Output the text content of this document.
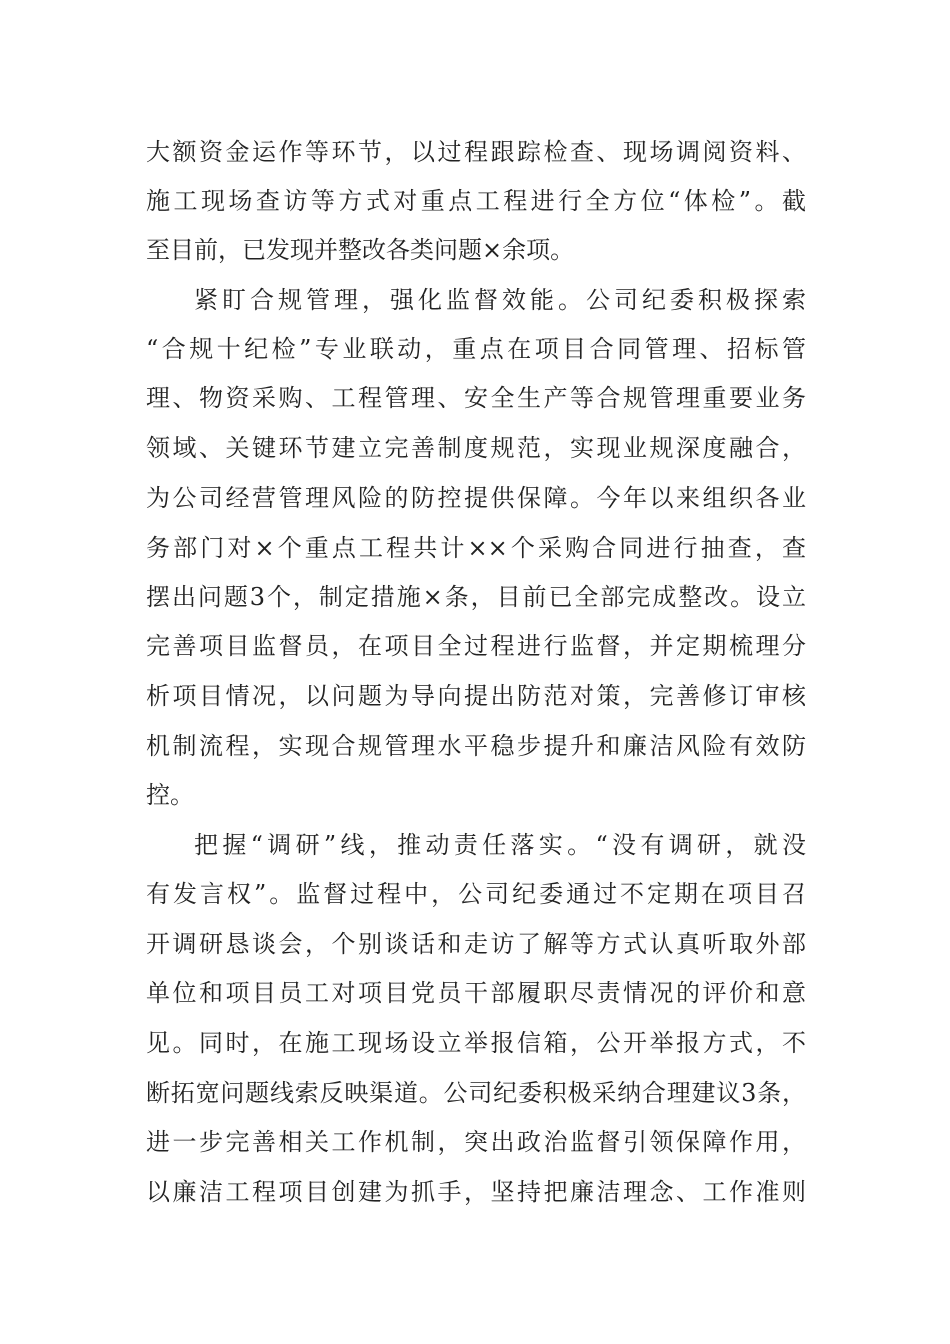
大额资金运作等环节，以过程跟踪检查、现场调阅资料、
施工现场查访等方式对重点工程进行全方位“体检”。截
至目前，已发现并整改各类问题×余项。
紧盯合规管理，强化监督效能。公司纪委积极探索
“合规十纪检”专业联动，重点在项目合同管理、招标管
理、物资采购、工程管理、安全生产等合规管理重要业务
领域、关键环节建立完善制度规范，实现业规深度融合，
为公司经营管理风险的防控提供保障。今年以来组织各业
务部门对×个重点工程共计××个采购合同进行抽查，查
摆出问题3个，制定措施×条，目前已全部完成整改。设立
完善项目监督员，在项目全过程进行监督，并定期梳理分
析项目情况，以问题为导向提出防范对策，完善修订审核
机制流程，实现合规管理水平稳步提升和廉洁风险有效防
控。
把握“调研”线，推动责任落实。“没有调研，就没
有发言权”。监督过程中，公司纪委通过不定期在项目召
开调研恳谈会，个别谈话和走访了解等方式认真听取外部
单位和项目员工对项目党员干部履职尽责情况的评价和意
见。同时，在施工现场设立举报信箱，公开举报方式，不
断拓宽问题线索反映渠道。公司纪委积极采纳合理建议3条，
进一步完善相关工作机制，突出政治监督引领保障作用，
以廉洁工程项目创建为抓手，坚持把廉洁理念、工作准则
